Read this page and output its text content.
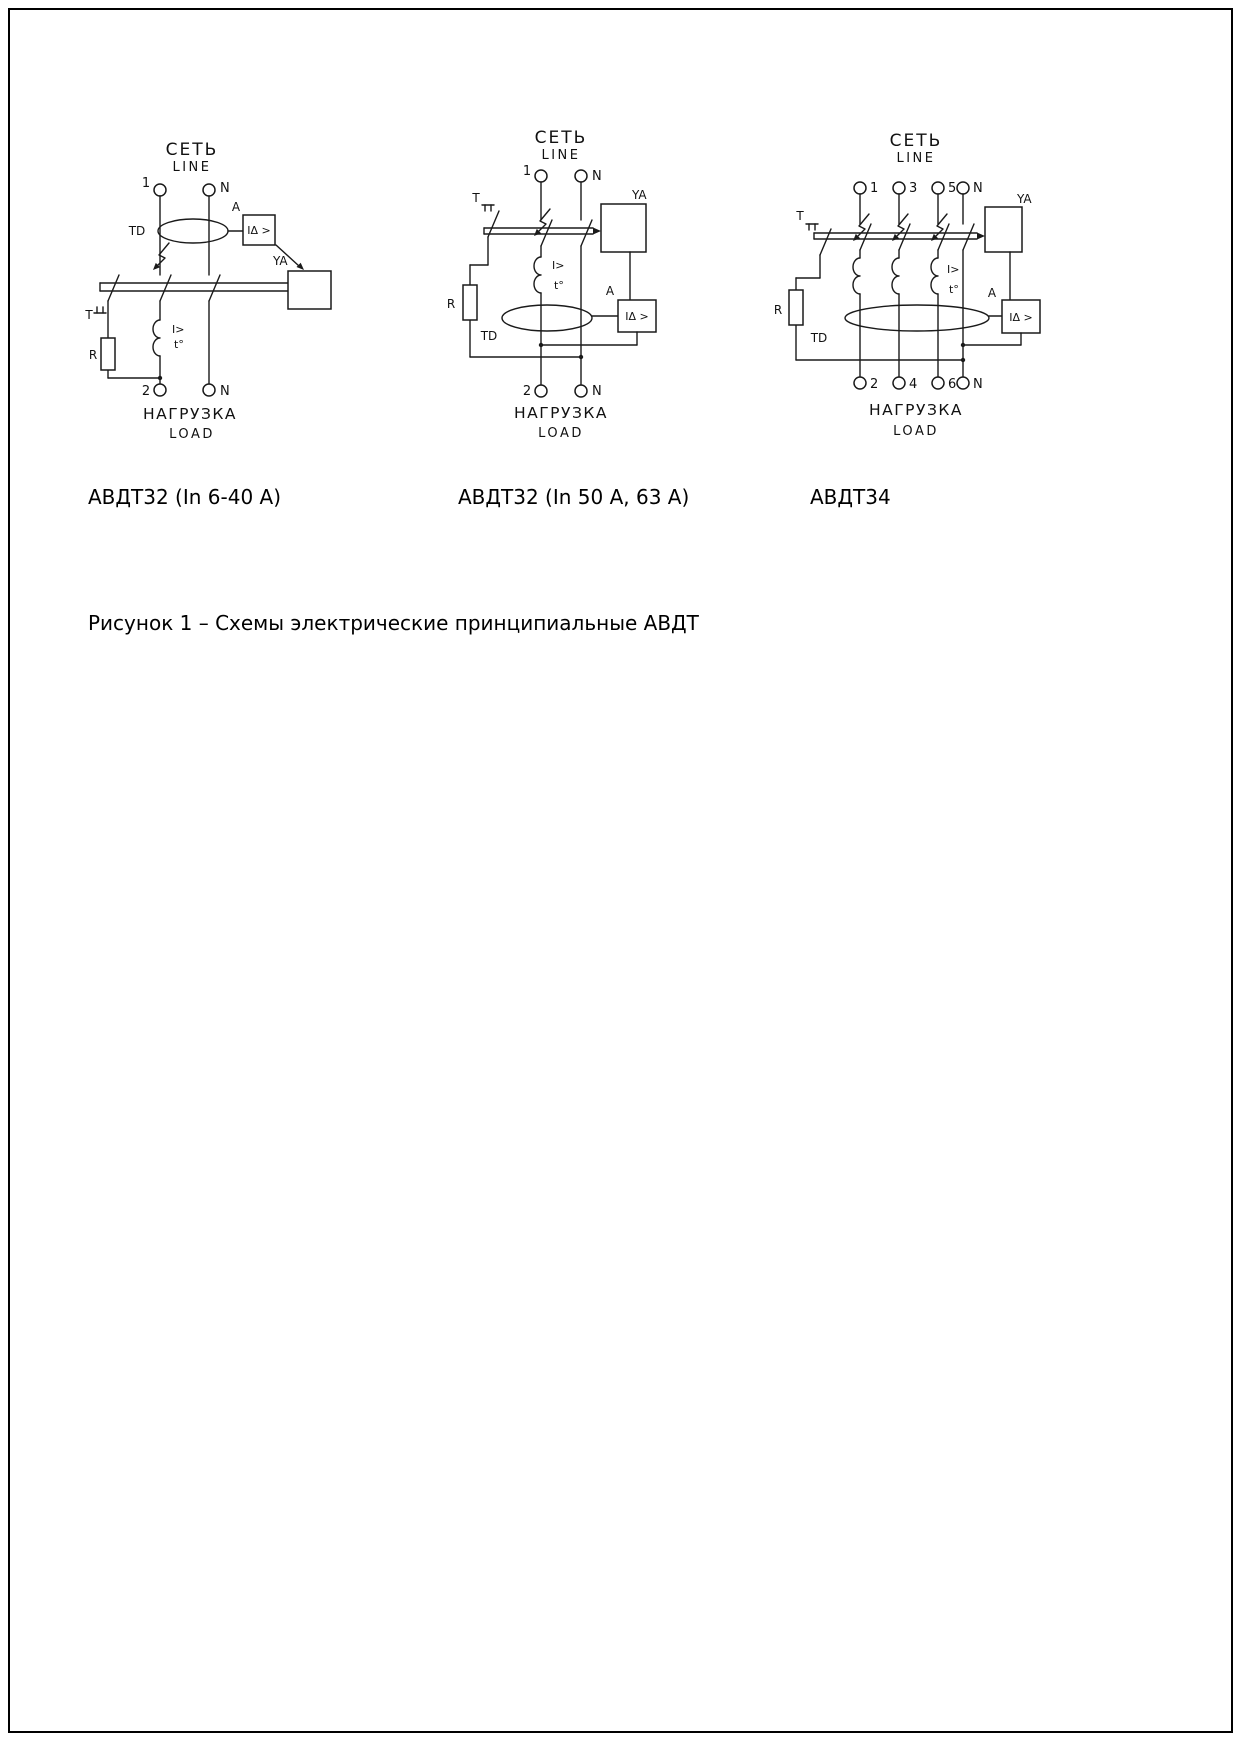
СЕТЬ
LINE
1	N
TD	IΔ >
A
YA
T
R
I>
t°
2	N
НАГРУЗКА
LOAD
СЕТЬ
LINE
1	N
YA
T
R
I>
t°
TD
IΔ >
A
2	N
НАГРУЗКА
LOAD
СЕТЬ
LINE
1 3 5 N
YA
T
R
I>
t°
TD
IΔ >
A
2 4 6 N
НАГРУЗКА
LOAD
АВДТ32 (In 6-40 А)	АВДТ32 (In 50 А, 63 А)	АВДТ34
Рисунок 1 – Схемы электрические принципиальные АВДТ
